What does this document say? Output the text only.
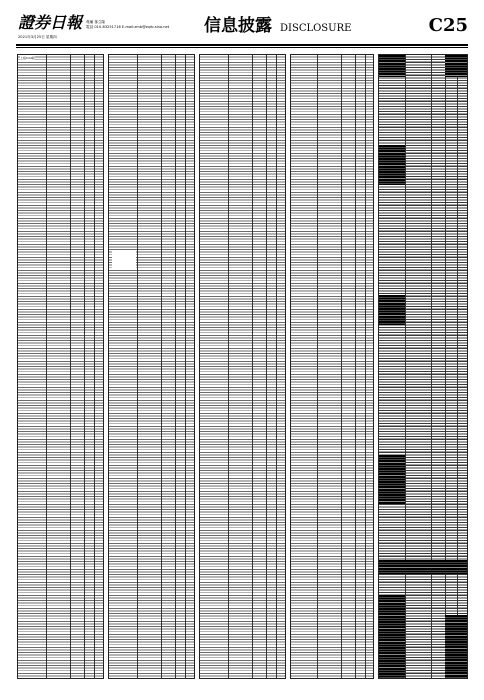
證券日報
2021年3月25日 星期四
責編 孫立隆
電話 010-83251716 E-mail:zmb@zqrb.sina.net 信息披露 DISCLOSURE	C25
上接C24版
